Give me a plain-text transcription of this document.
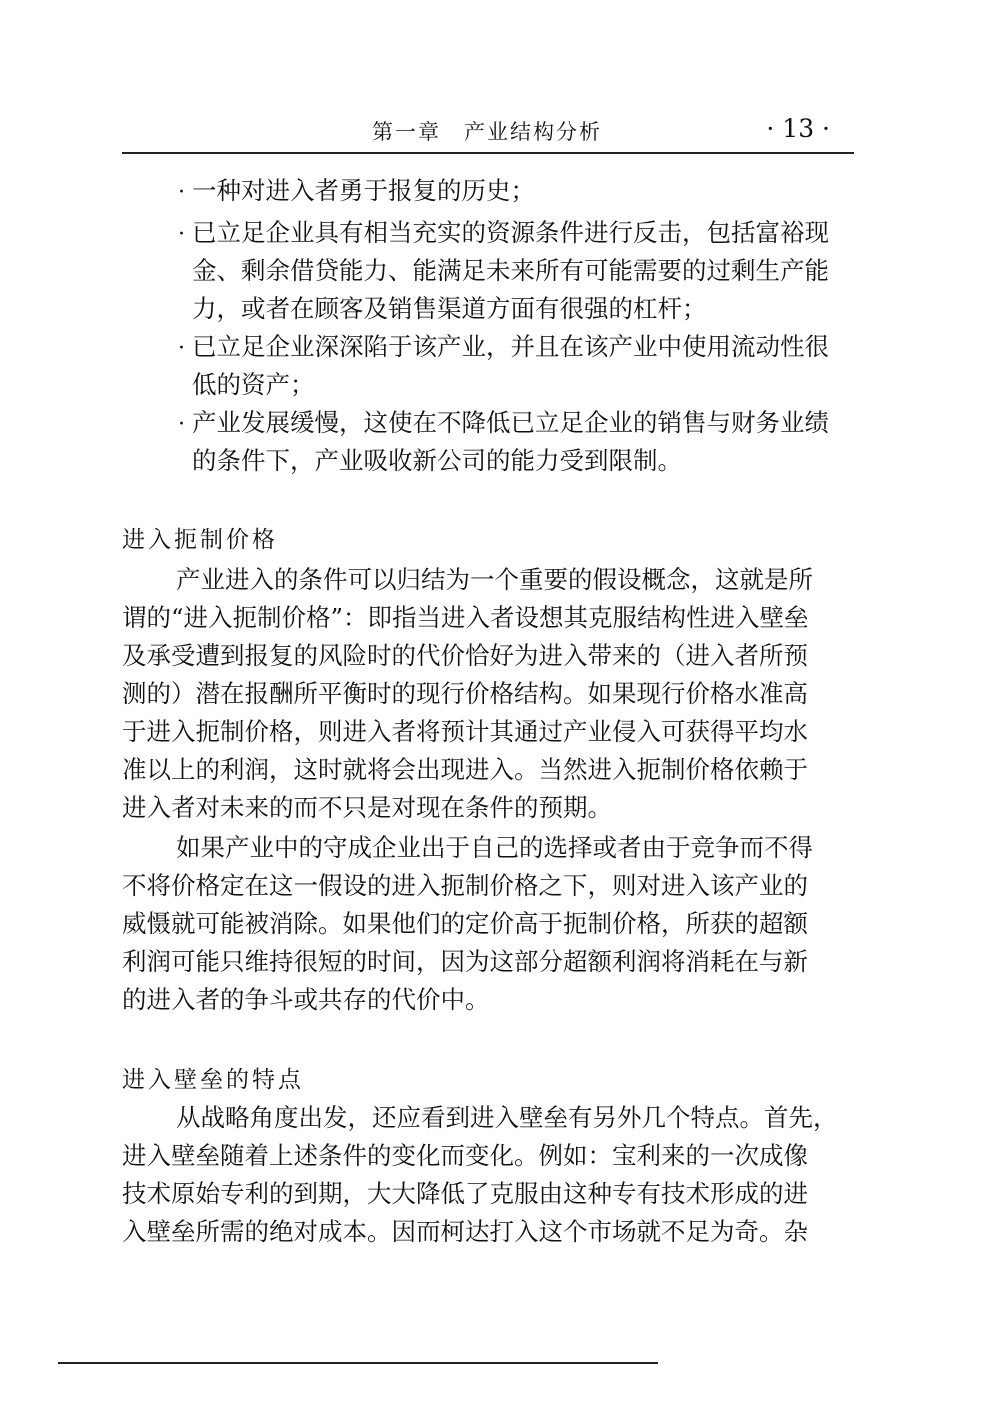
第一章　产业结构分析	· 13 ·
· 一种对进入者勇于报复的历史；
· 已立足企业具有相当充实的资源条件进行反击，包括富裕现
金、剩余借贷能力、能满足未来所有可能需要的过剩生产能
力，或者在顾客及销售渠道方面有很强的杠杆；
· 已立足企业深深陷于该产业，并且在该产业中使用流动性很
低的资产；
· 产业发展缓慢，这使在不降低已立足企业的销售与财务业绩
的条件下，产业吸收新公司的能力受到限制。
进入扼制价格
产业进入的条件可以归结为一个重要的假设概念，这就是所
谓的“进入扼制价格”：即指当进入者设想其克服结构性进入壁垒
及承受遭到报复的风险时的代价恰好为进入带来的（进入者所预
测的）潜在报酬所平衡时的现行价格结构。如果现行价格水准高
于进入扼制价格，则进入者将预计其通过产业侵入可获得平均水
准以上的利润，这时就将会出现进入。当然进入扼制价格依赖于
进入者对未来的而不只是对现在条件的预期。
如果产业中的守成企业出于自己的选择或者由于竞争而不得
不将价格定在这一假设的进入扼制价格之下，则对进入该产业的
威慑就可能被消除。如果他们的定价高于扼制价格，所获的超额
利润可能只维持很短的时间，因为这部分超额利润将消耗在与新
的进入者的争斗或共存的代价中。
进入壁垒的特点
从战略角度出发，还应看到进入壁垒有另外几个特点。首先，
进入壁垒随着上述条件的变化而变化。例如：宝利来的一次成像
技术原始专利的到期，大大降低了克服由这种专有技术形成的进
入壁垒所需的绝对成本。因而柯达打入这个市场就不足为奇。杂
